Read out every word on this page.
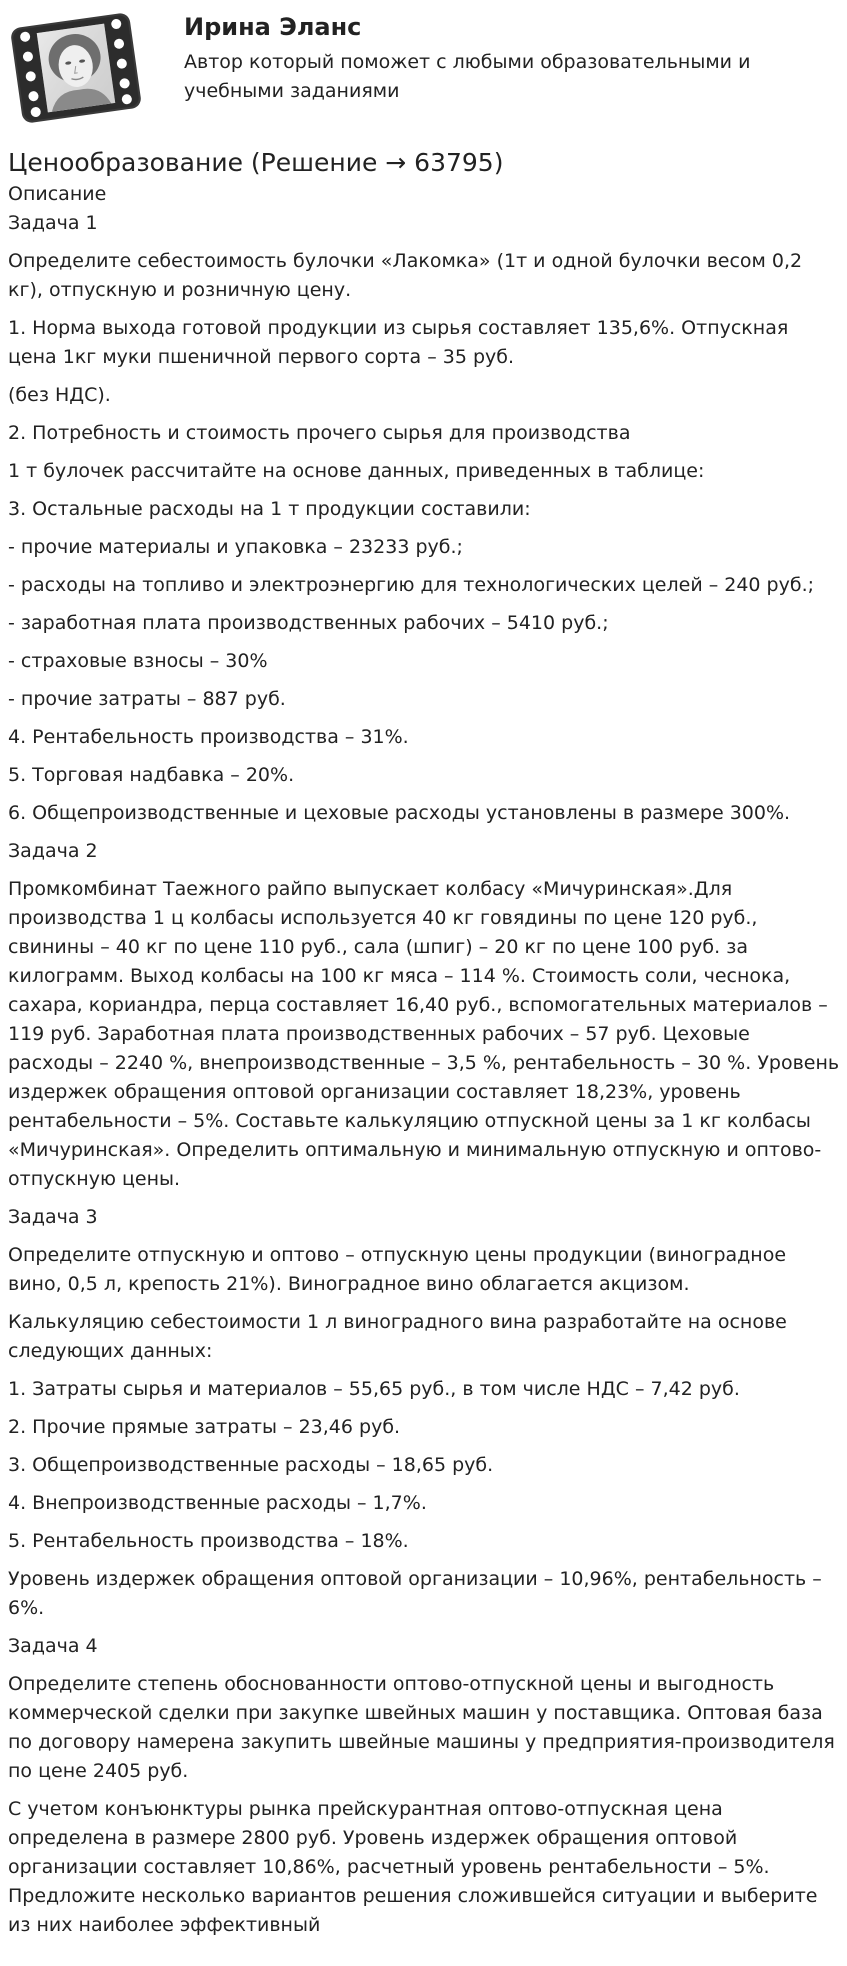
Ирина Эланс

Автор который поможет с любыми образовательными и учебными заданиями

Ценообразование (Решение → 63795)

Описание

Задача 1

Определите себестоимость булочки «Лакомка» (1т и одной булочки весом 0,2 кг), отпускную и розничную цену.

1. Норма выхода готовой продукции из сырья составляет 135,6%. Отпускная цена 1кг муки пшеничной первого сорта – 35 руб.

(без НДС).

2. Потребность и стоимость прочего сырья для производства

1 т булочек рассчитайте на основе данных, приведенных в таблице:

3. Остальные расходы на 1 т продукции составили:

- прочие материалы и упаковка – 23233 руб.;

- расходы на топливо и электроэнергию для технологических целей – 240 руб.;

- заработная плата производственных рабочих – 5410 руб.;

- страховые взносы – 30%

- прочие затраты – 887 руб.

4. Рентабельность производства – 31%.

5. Торговая надбавка – 20%.

6. Общепроизводственные и цеховые расходы установлены в размере 300%.

Задача 2

Промкомбинат Таежного райпо выпускает колбасу «Мичуринская».Для производства 1 ц колбасы используется 40 кг говядины по цене 120 руб., свинины – 40 кг по цене 110 руб., сала (шпиг) – 20 кг по цене 100 руб. за килограмм. Выход колбасы на 100 кг мяса – 114 %. Стоимость соли, чеснока, сахара, кориандра, перца составляет 16,40 руб., вспомогательных материалов – 119 руб. Заработная плата производственных рабочих – 57 руб. Цеховые расходы – 2240 %, внепроизводственные – 3,5 %, рентабельность – 30 %. Уровень издержек обращения оптовой организации составляет 18,23%, уровень рентабельности – 5%. Составьте калькуляцию отпускной цены за 1 кг колбасы «Мичуринская». Определить оптимальную и минимальную отпускную и оптово-отпускную цены.

Задача 3

Определите отпускную и оптово – отпускную цены продукции (виноградное вино, 0,5 л, крепость 21%). Виноградное вино облагается акцизом.

Калькуляцию себестоимости 1 л виноградного вина разработайте на основе следующих данных:

1. Затраты сырья и материалов – 55,65 руб., в том числе НДС – 7,42 руб.

2. Прочие прямые затраты – 23,46 руб.

3. Общепроизводственные расходы – 18,65 руб.

4. Внепроизводственные расходы – 1,7%.

5. Рентабельность производства – 18%.

Уровень издержек обращения оптовой организации – 10,96%, рентабельность – 6%.

Задача 4

Определите степень обоснованности оптово-отпускной цены и выгодность коммерческой сделки при закупке швейных машин у поставщика. Оптовая база по договору намерена закупить швейные машины у предприятия-производителя по цене 2405 руб.

С учетом конъюнктуры рынка прейскурантная оптово-отпускная цена определена в размере 2800 руб. Уровень издержек обращения оптовой организации составляет 10,86%, расчетный уровень рентабельности – 5%. Предложите несколько вариантов решения сложившейся ситуации и выберите из них наиболее эффективный
